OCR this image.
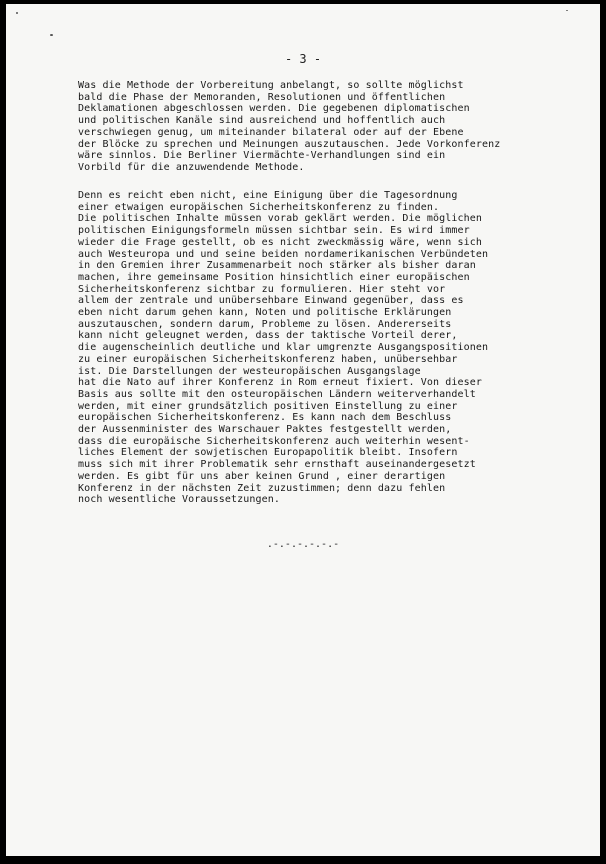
- 3 -
Was die Methode der Vorbereitung anbelangt, so sollte möglichst
bald die Phase der Memoranden, Resolutionen und öffentlichen
Deklamationen abgeschlossen werden. Die gegebenen diplomatischen
und politischen Kanäle sind ausreichend und hoffentlich auch
verschwiegen genug, um miteinander bilateral oder auf der Ebene
der Blöcke zu sprechen und Meinungen auszutauschen. Jede Vorkonferenz
wäre sinnlos. Die Berliner Viermächte-Verhandlungen sind ein
Vorbild für die anzuwendende Methode.
Denn es reicht eben nicht, eine Einigung über die Tagesordnung
einer etwaigen europäischen Sicherheitskonferenz zu finden.
Die politischen Inhalte müssen vorab geklärt werden. Die möglichen
politischen Einigungsformeln müssen sichtbar sein. Es wird immer
wieder die Frage gestellt, ob es nicht zweckmässig wäre, wenn sich
auch Westeuropa und und seine beiden nordamerikanischen Verbündeten
in den Gremien ihrer Zusammenarbeit noch stärker als bisher daran
machen, ihre gemeinsame Position hinsichtlich einer europäischen
Sicherheitskonferenz sichtbar zu formulieren. Hier steht vor
allem der zentrale und unübersehbare Einwand gegenüber, dass es
eben nicht darum gehen kann, Noten und politische Erklärungen
auszutauschen, sondern darum, Probleme zu lösen. Andererseits
kann nicht geleugnet werden, dass der taktische Vorteil derer,
die augenscheinlich deutliche und klar umgrenzte Ausgangspositionen
zu einer europäischen Sicherheitskonferenz haben, unübersehbar
ist. Die Darstellungen der westeuropäischen Ausgangslage
hat die Nato auf ihrer Konferenz in Rom erneut fixiert. Von dieser
Basis aus sollte mit den osteuropäischen Ländern weiterverhandelt
werden, mit einer grundsätzlich positiven Einstellung zu einer
europäischen Sicherheitskonferenz. Es kann nach dem Beschluss
der Aussenminister des Warschauer Paktes festgestellt werden,
dass die europäische Sicherheitskonferenz auch weiterhin wesent-
liches Element der sowjetischen Europapolitik bleibt. Insofern
muss sich mit ihrer Problematik sehr ernsthaft auseinandergesetzt
werden. Es gibt für uns aber keinen Grund , einer derartigen
Konferenz in der nächsten Zeit zuzustimmen; denn dazu fehlen
noch wesentliche Voraussetzungen.
.-.-.-.-.-.-
